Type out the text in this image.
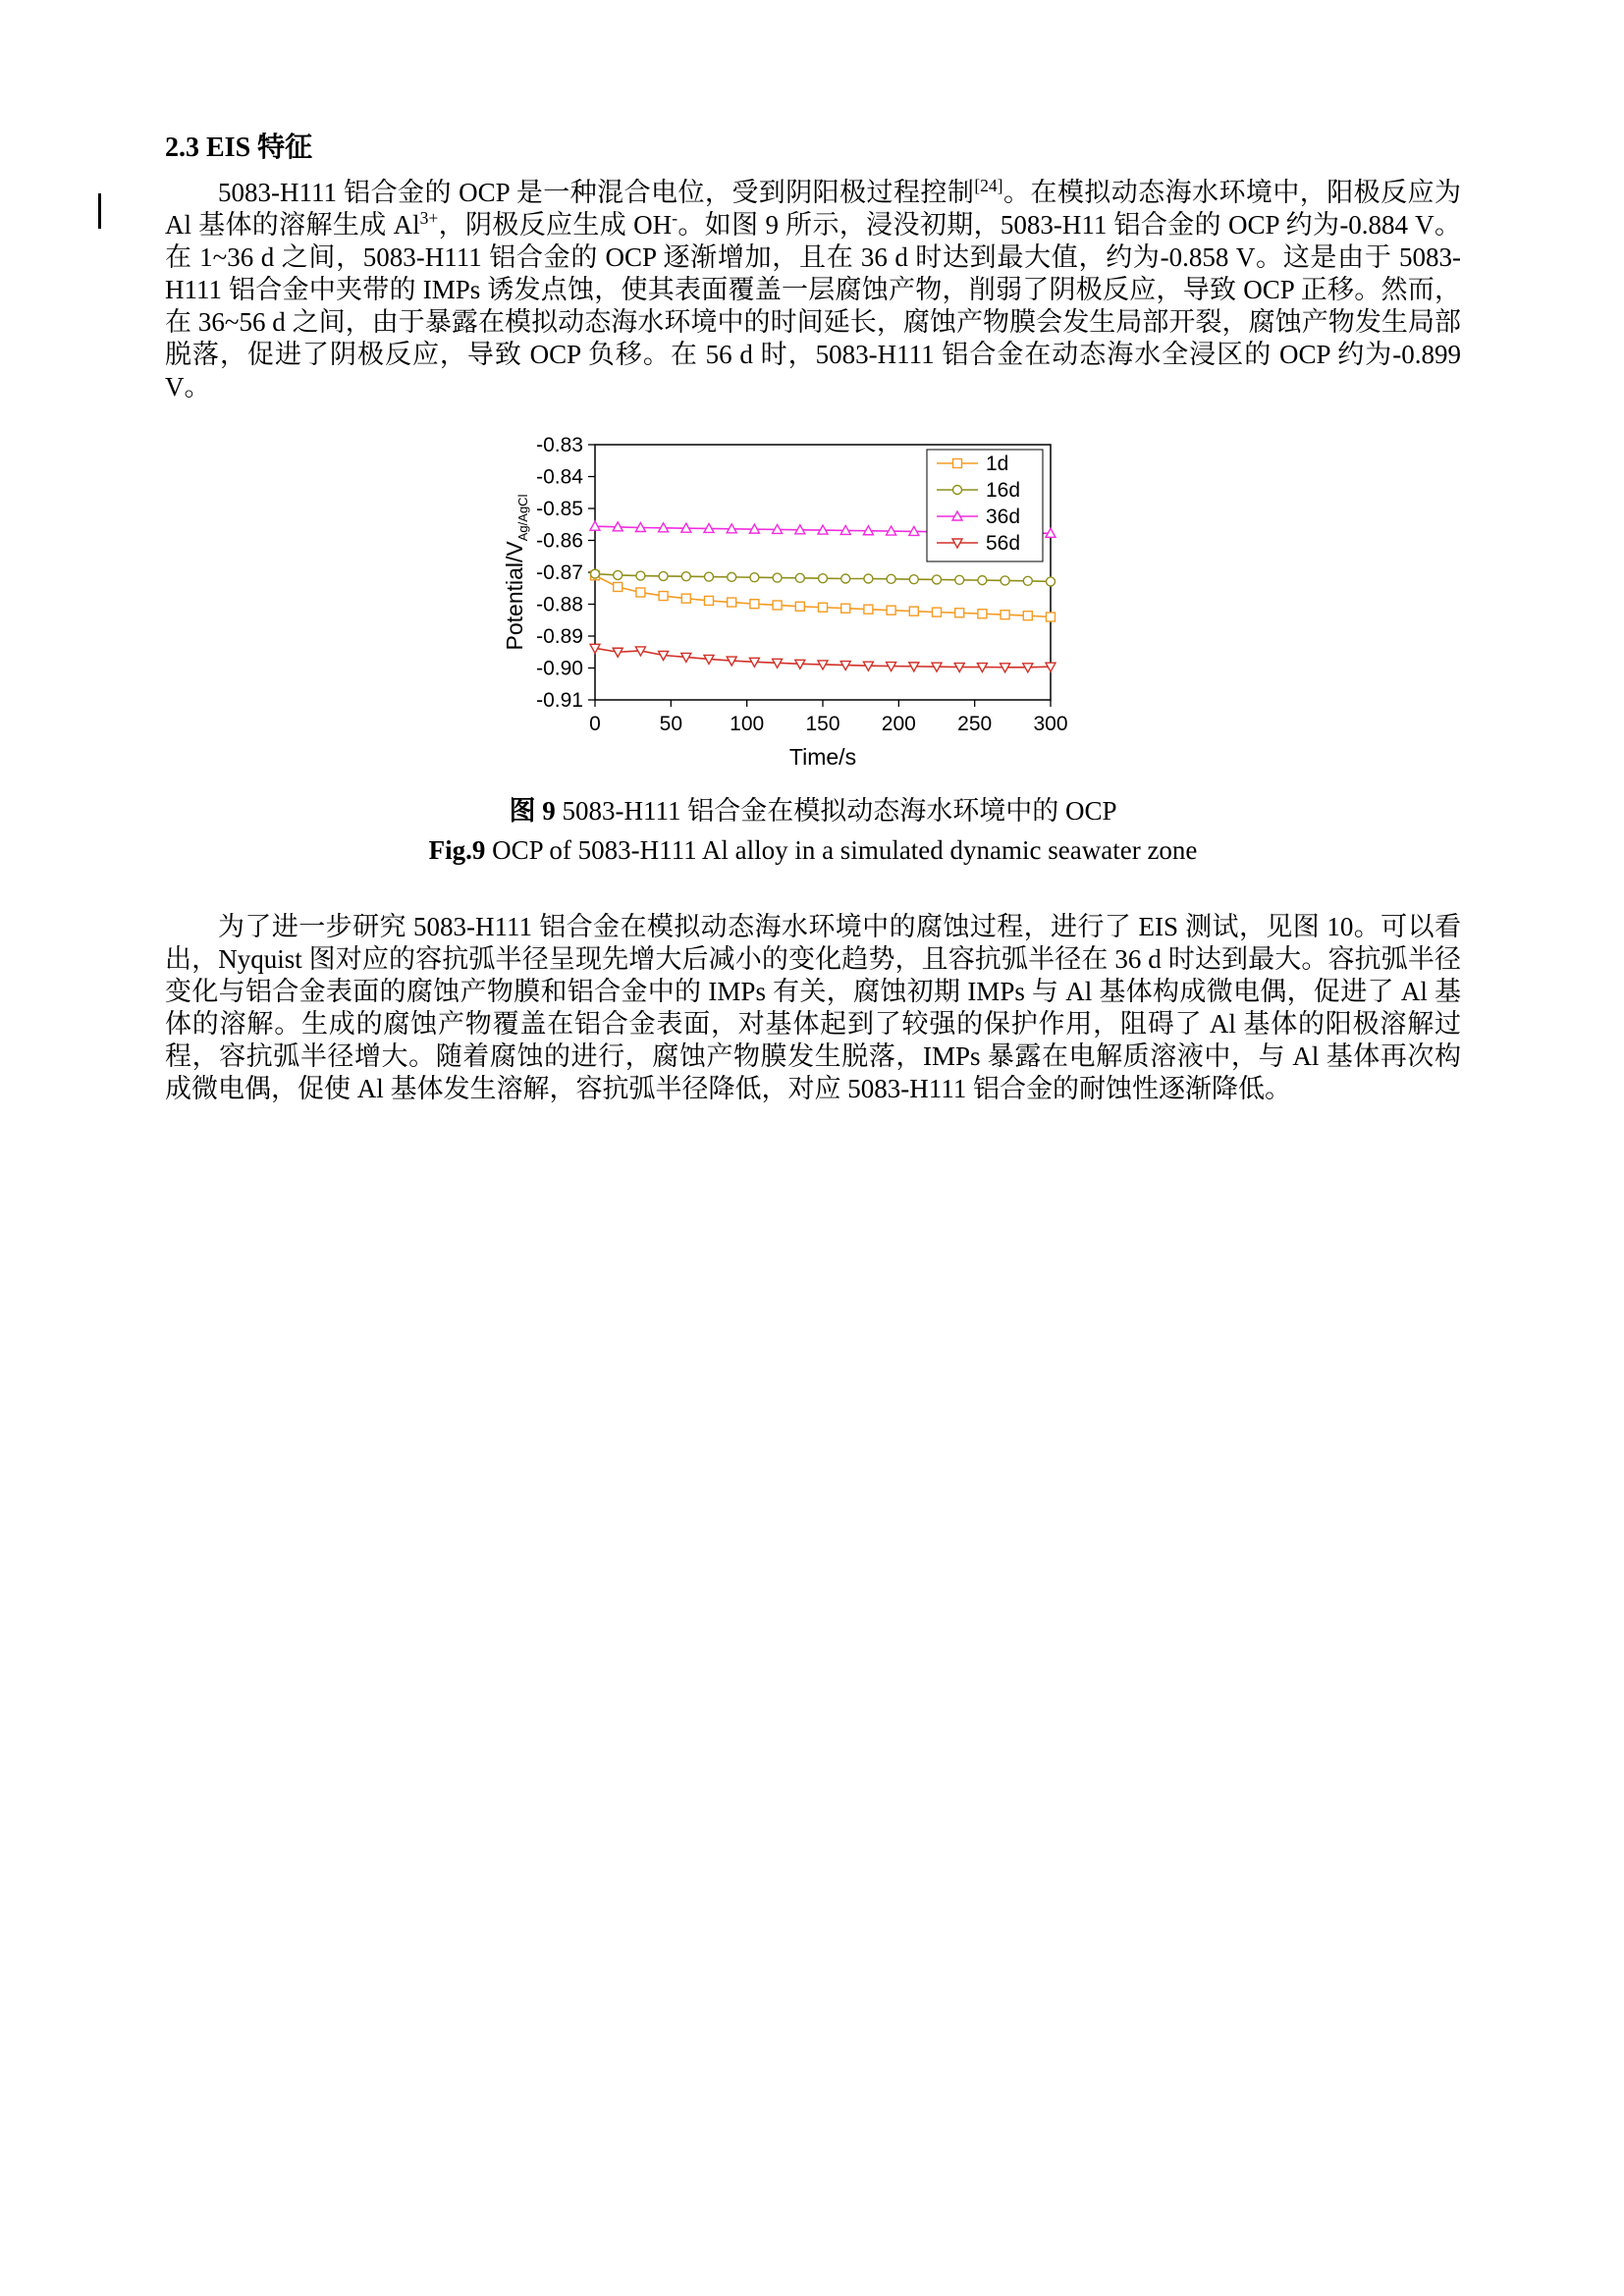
2.3 EIS 特征

5083-H111 铝合金的 OCP 是一种混合电位，受到阴阳极过程控制[24]。在模拟动态海水环境中，阳极反应为 Al 基体的溶解生成 $Al^{3+}$，阴极反应生成 OH-。如图 9 所示，浸没初期，5083-H11 铝合金的 OCP 约为-0.884 V。在 1~36 d 之间，5083-H111 铝合金的 OCP 逐渐增加，且在 36 d 时达到最大值，约为-0.858 V。这是由于 5083-H111 铝合金中夹带的 IMPs 诱发点蚀，使其表面覆盖一层腐蚀产物，削弱了阴极反应，导致 OCP 正移。然而，在 36~56 d 之间，由于暴露在模拟动态海水环境中的时间延长，腐蚀产物膜会发生局部开裂，腐蚀产物发生局部脱落，促进了阴极反应，导致 OCP 负移。在 56 d 时，5083-H111 铝合金在动态海水全浸区的 OCP 约为-0.899 V。

0	50 100 150 200 250 300
-0.83
-0.84
-0.85
-0.86
-0.87
-0.88
-0.89
-0.90
-0.91
Time/s
Potential/$V_{Ag/AgCl}$
1d
16d
36d
56d
图 9 5083-H111 铝合金在模拟动态海水环境中的 OCP
Fig.9 OCP of 5083-H111 Al alloy in a simulated dynamic seawater zone

为了进一步研究 5083-H111 铝合金在模拟动态海水环境中的腐蚀过程，进行了 EIS 测试，见图 10。可以看出，Nyquist 图对应的容抗弧半径呈现先增大后减小的变化趋势，且容抗弧半径在 36 d 时达到最大。容抗弧半径变化与铝合金表面的腐蚀产物膜和铝合金中的 IMPs 有关，腐蚀初期 IMPs 与 Al 基体构成微电偶，促进了 Al 基体的溶解。生成的腐蚀产物覆盖在铝合金表面，对基体起到了较强的保护作用，阻碍了 Al 基体的阳极溶解过程，容抗弧半径增大。随着腐蚀的进行，腐蚀产物膜发生脱落，IMPs 暴露在电解质溶液中，与 Al 基体再次构成微电偶，促使 Al 基体发生溶解，容抗弧半径降低，对应 5083-H111 铝合金的耐蚀性逐渐降低。
